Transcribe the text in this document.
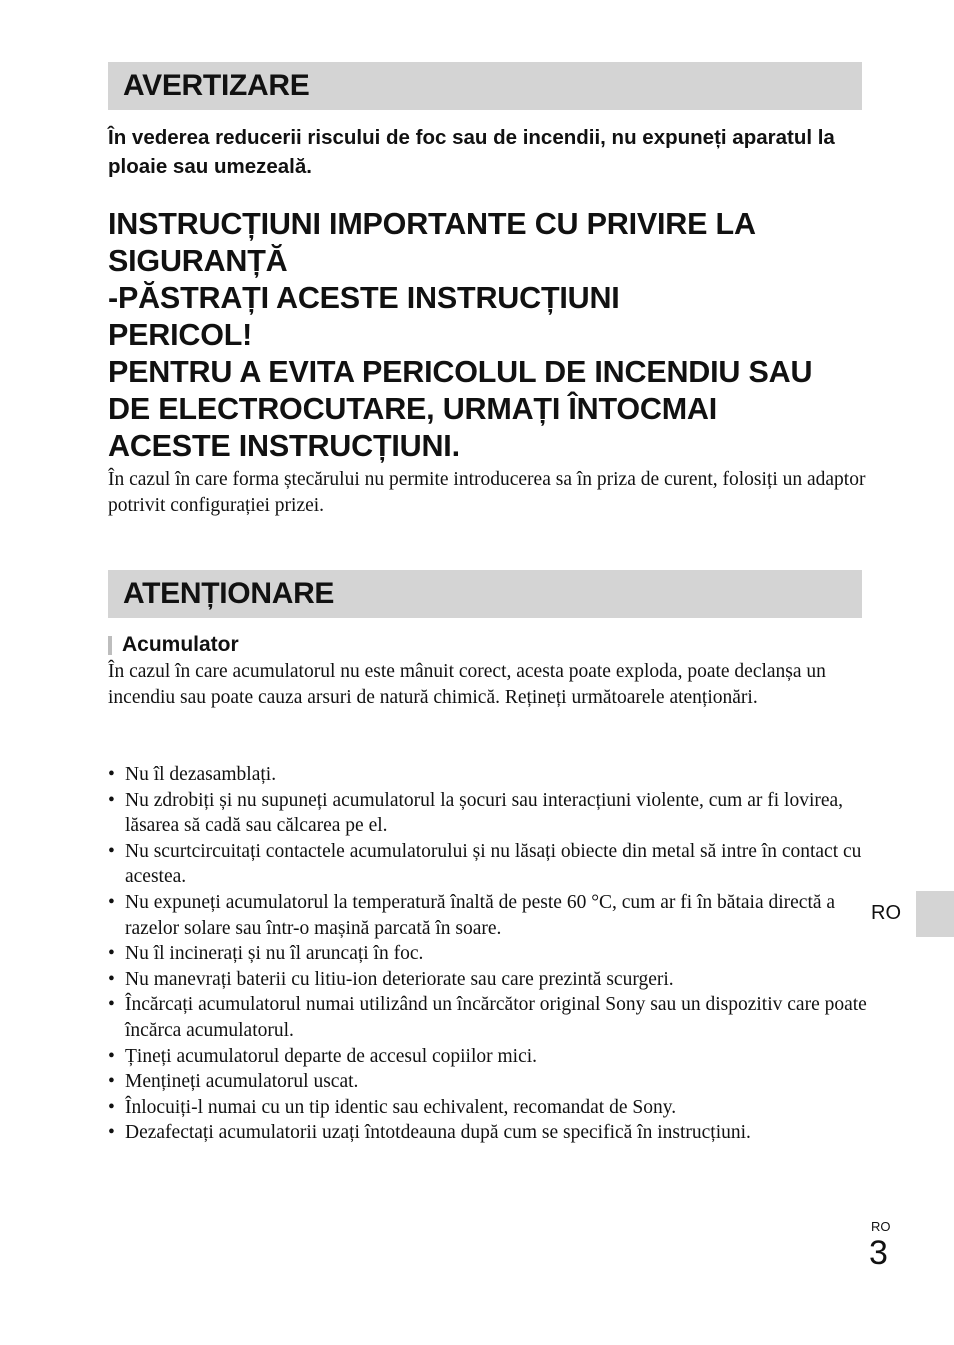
AVERTIZARE

În vederea reducerii riscului de foc sau de incendii, nu expuneți aparatul la ploaie sau umezeală.

INSTRUCȚIUNI IMPORTANTE CU PRIVIRE LA
SIGURANȚĂ
-PĂSTRAȚI ACESTE INSTRUCȚIUNI
PERICOL!
PENTRU A EVITA PERICOLUL DE INCENDIU SAU
DE ELECTROCUTARE, URMAȚI ÎNTOCMAI
ACESTE INSTRUCȚIUNI.

În cazul în care forma ștecărului nu permite introducerea sa în priza de curent, folosiți un adaptor potrivit configurației prizei.

ATENȚIONARE
Acumulator

În cazul în care acumulatorul nu este mânuit corect, acesta poate exploda, poate declanșa un incendiu sau poate cauza arsuri de natură chimică. Rețineți următoarele atenționări.

• Nu îl dezasamblați.
• Nu zdrobiți și nu supuneți acumulatorul la șocuri sau interacțiuni violente, cum ar fi lovirea, lăsarea să cadă sau călcarea pe el.
• Nu scurtcircuitați contactele acumulatorului și nu lăsați obiecte din metal să intre în contact cu acestea.
• Nu expuneți acumulatorul la temperatură înaltă de peste 60 °C, cum ar fi în bătaia directă a razelor solare sau într-o mașină parcată în soare.
• Nu îl incinerați și nu îl aruncați în foc.
• Nu manevrați baterii cu litiu-ion deteriorate sau care prezintă scurgeri.
• Încărcați acumulatorul numai utilizând un încărcător original Sony sau un dispozitiv care poate încărca acumulatorul.
• Țineți acumulatorul departe de accesul copiilor mici.
• Mențineți acumulatorul uscat.
• Înlocuiți-l numai cu un tip identic sau echivalent, recomandat de Sony.
• Dezafectați acumulatorii uzați întotdeauna după cum se specifică în instrucțiuni.
RO
RO
3
